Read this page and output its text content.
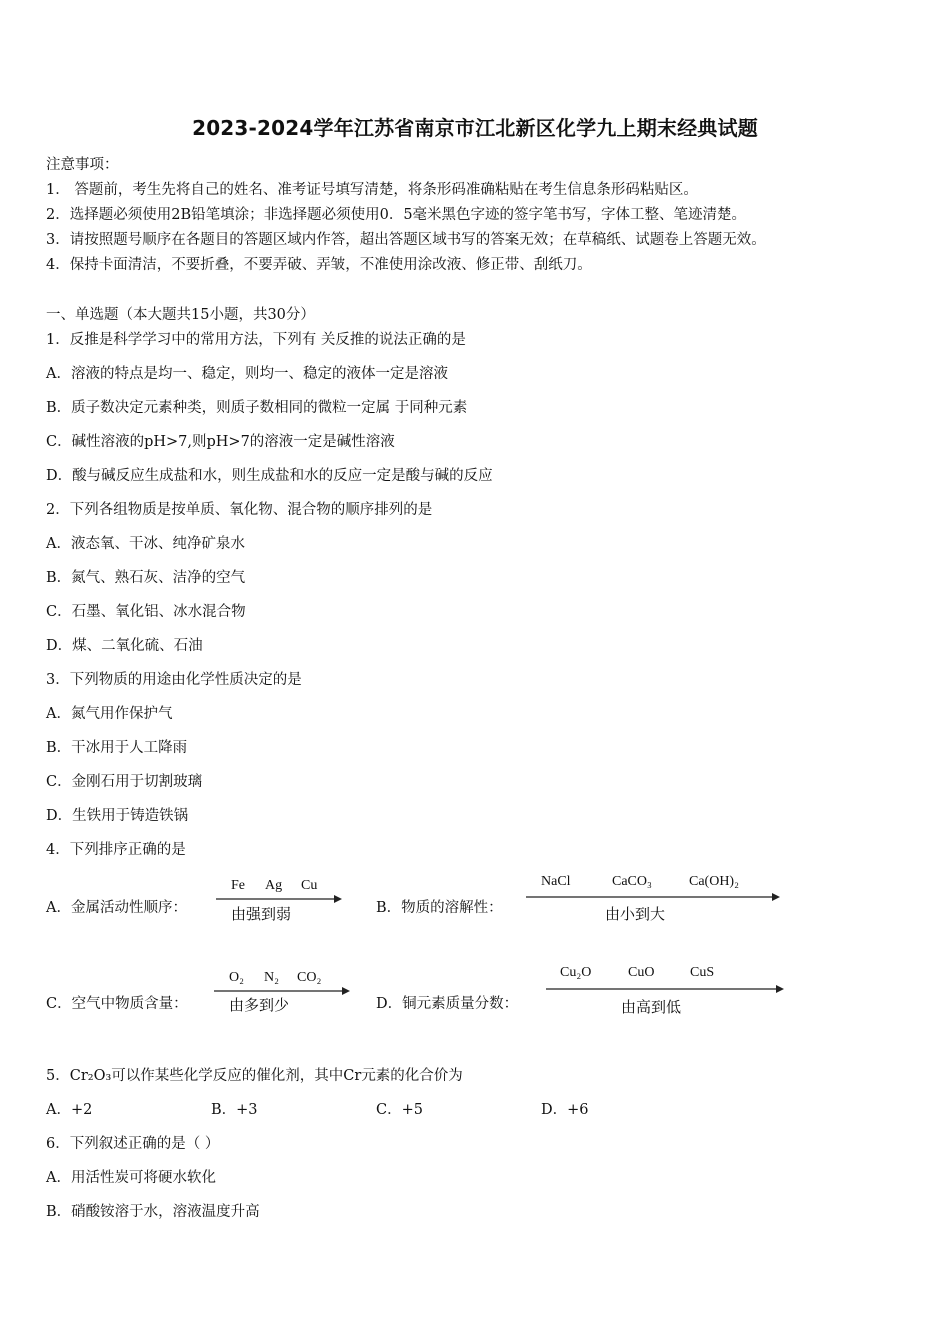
2023-2024学年江苏省南京市江北新区化学九上期末经典试题
注意事项：
1． 答题前，考生先将自己的姓名、准考证号填写清楚，将条形码准确粘贴在考生信息条形码粘贴区。
2．选择题必须使用2B铅笔填涂；非选择题必须使用0．5毫米黑色字迹的签字笔书写，字体工整、笔迹清楚。
3．请按照题号顺序在各题目的答题区域内作答，超出答题区域书写的答案无效；在草稿纸、试题卷上答题无效。
4．保持卡面清洁，不要折叠，不要弄破、弄皱，不准使用涂改液、修正带、刮纸刀。
一、单选题（本大题共15小题，共30分）
1．反推是科学学习中的常用方法，下列有 关反推的说法正确的是
A．溶液的特点是均一、稳定，则均一、稳定的液体一定是溶液
B．质子数决定元素种类，则质子数相同的微粒一定属 于同种元素
C．碱性溶液的pH>7,则pH>7的溶液一定是碱性溶液
D．酸与碱反应生成盐和水，则生成盐和水的反应一定是酸与碱的反应
2．下列各组物质是按单质、氧化物、混合物的顺序排列的是
A．液态氧、干冰、纯净矿泉水
B．氮气、熟石灰、洁净的空气
C．石墨、氧化铝、冰水混合物
D．煤、二氧化硫、石油
3．下列物质的用途由化学性质决定的是
A．氮气用作保护气
B．干冰用于人工降雨
C．金刚石用于切割玻璃
D．生铁用于铸造铁锅
4．下列排序正确的是
A．金属活动性顺序：
Fe Ag Cu
由强到弱	B．物质的溶解性：
NaCl	CaCO₃	Ca(OH)₂
由小到大
C．空气中物质含量：
O₂ N₂ CO₂
由多到少	D．铜元素质量分数：
Cu₂O	CuO	CuS
由高到低
5．Cr₂O₃可以作某些化学反应的催化剂，其中Cr元素的化合价为
A．+2	B．+3	C．+5	D．+6
6．下列叙述正确的是（ ）
A．用活性炭可将硬水软化
B．硝酸铵溶于水，溶液温度升高
